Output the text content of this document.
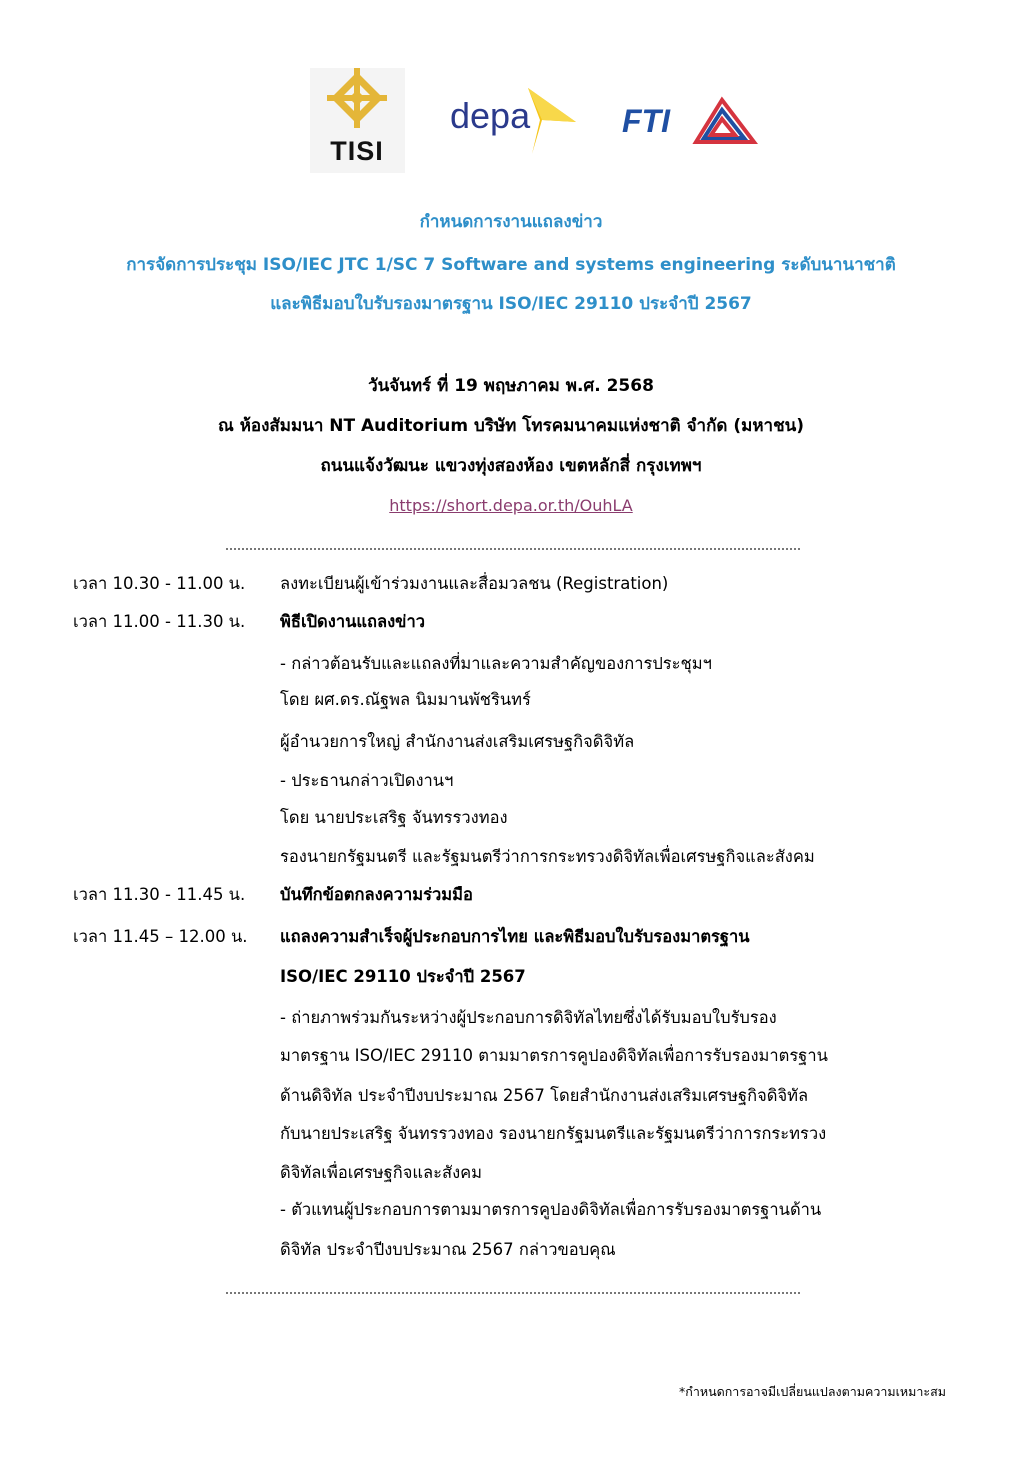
TISI
depa	FTI
กำหนดการงานแถลงข่าว
การจัดการประชุม ISO/IEC JTC 1/SC 7 Software and systems engineering ระดับนานาชาติ
และพิธีมอบใบรับรองมาตรฐาน ISO/IEC 29110 ประจำปี 2567
วันจันทร์ ที่ 19 พฤษภาคม พ.ศ. 2568
ณ ห้องสัมมนา NT Auditorium บริษัท โทรคมนาคมแห่งชาติ จำกัด (มหาชน)
ถนนแจ้งวัฒนะ แขวงทุ่งสองห้อง เขตหลักสี่ กรุงเทพฯ
https://short.depa.or.th/OuhLA
เวลา 10.30 - 11.00 น. ลงทะเบียนผู้เข้าร่วมงานและสื่อมวลชน (Registration)
เวลา 11.00 - 11.30 น. พิธีเปิดงานแถลงข่าว
- กล่าวต้อนรับและแถลงที่มาและความสำคัญของการประชุมฯ
โดย ผศ.ดร.ณัฐพล นิมมานพัชรินทร์
ผู้อำนวยการใหญ่ สำนักงานส่งเสริมเศรษฐกิจดิจิทัล
- ประธานกล่าวเปิดงานฯ
โดย นายประเสริฐ จันทรรวงทอง
รองนายกรัฐมนตรี และรัฐมนตรีว่าการกระทรวงดิจิทัลเพื่อเศรษฐกิจและสังคม
เวลา 11.30 - 11.45 น. บันทึกข้อตกลงความร่วมมือ
เวลา 11.45 – 12.00 น. แถลงความสำเร็จผู้ประกอบการไทย และพิธีมอบใบรับรองมาตรฐาน
ISO/IEC 29110 ประจำปี 2567
- ถ่ายภาพร่วมกันระหว่างผู้ประกอบการดิจิทัลไทยซึ่งได้รับมอบใบรับรอง
มาตรฐาน ISO/IEC 29110 ตามมาตรการคูปองดิจิทัลเพื่อการรับรองมาตรฐาน
ด้านดิจิทัล ประจำปีงบประมาณ 2567 โดยสำนักงานส่งเสริมเศรษฐกิจดิจิทัล
กับนายประเสริฐ จันทรรวงทอง รองนายกรัฐมนตรีและรัฐมนตรีว่าการกระทรวง
ดิจิทัลเพื่อเศรษฐกิจและสังคม
- ตัวแทนผู้ประกอบการตามมาตรการคูปองดิจิทัลเพื่อการรับรองมาตรฐานด้าน
ดิจิทัล ประจำปีงบประมาณ 2567 กล่าวขอบคุณ
*กำหนดการอาจมีเปลี่ยนแปลงตามความเหมาะสม
